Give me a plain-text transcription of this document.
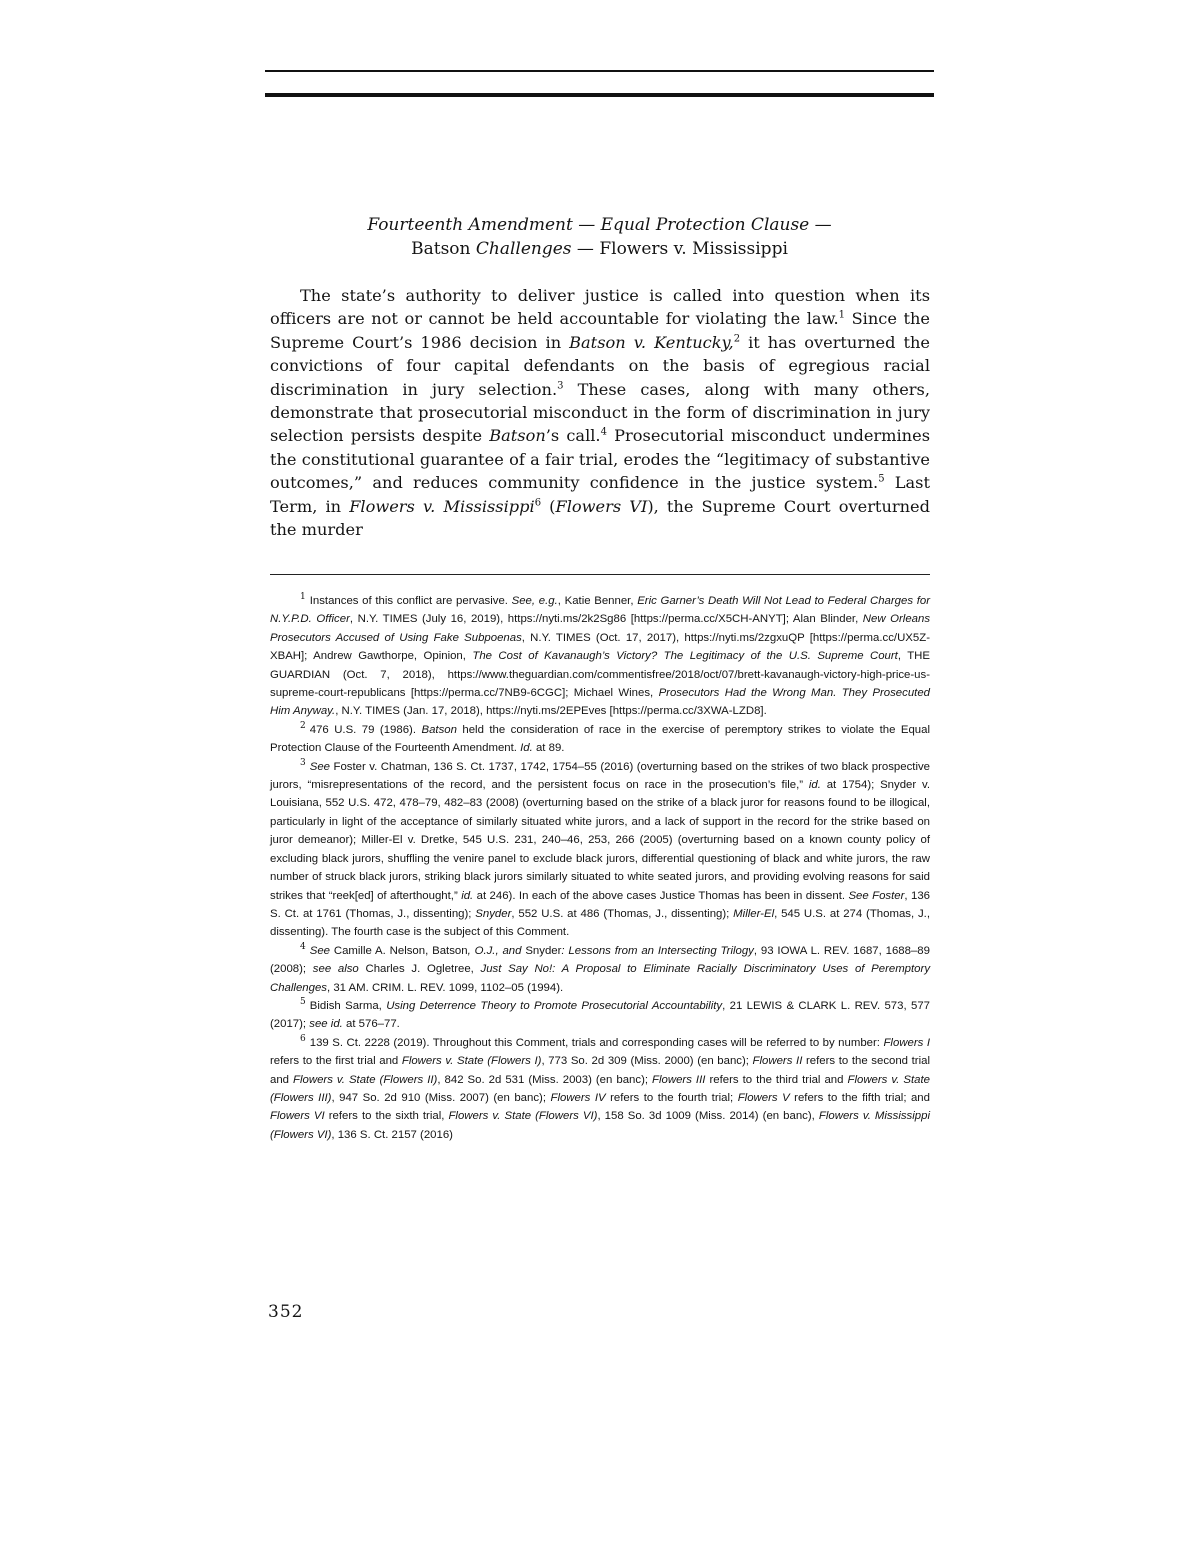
Fourteenth Amendment — Equal Protection Clause —
Batson Challenges — Flowers v. Mississippi

The state’s authority to deliver justice is called into question when its officers are not or cannot be held accountable for violating the law.$^1$ Since the Supreme Court’s 1986 decision in Batson v. Kentucky,$^2$ it has overturned the convictions of four capital defendants on the basis of egregious racial discrimination in jury selection.$^3$ These cases, along with many others, demonstrate that prosecutorial misconduct in the form of discrimination in jury selection persists despite Batson’s call.$^4$ Prosecutorial misconduct undermines the constitutional guarantee of a fair trial, erodes the “legitimacy of substantive outcomes,” and reduces community confidence in the justice system.$^5$ Last Term, in Flowers v. Mississippi$^6$ (Flowers VI), the Supreme Court overturned the murder

$^1$ Instances of this conflict are pervasive. See, e.g., Katie Benner, Eric Garner’s Death Will Not Lead to Federal Charges for N.Y.P.D. Officer, N.Y. TIMES (July 16, 2019), https://nyti.ms/2k2Sg86 [https://perma.cc/X5CH-ANYT]; Alan Blinder, New Orleans Prosecutors Accused of Using Fake Subpoenas, N.Y. TIMES (Oct. 17, 2017), https://nyti.ms/2zgxuQP [https://perma.cc/UX5Z-XBAH]; Andrew Gawthorpe, Opinion, The Cost of Kavanaugh’s Victory? The Legitimacy of the U.S. Supreme Court, THE GUARDIAN (Oct. 7, 2018), https://www.theguardian.com/commentisfree/2018/oct/07/brett-kavanaugh-victory-high-price-us-supreme-court-republicans [https://perma.cc/7NB9-6CGC]; Michael Wines, Prosecutors Had the Wrong Man. They Prosecuted Him Anyway., N.Y. TIMES (Jan. 17, 2018), https://nyti.ms/2EPEves [https://perma.cc/3XWA-LZD8].

$^2$ 476 U.S. 79 (1986). Batson held the consideration of race in the exercise of peremptory strikes to violate the Equal Protection Clause of the Fourteenth Amendment. Id. at 89.

$^3$ See Foster v. Chatman, 136 S. Ct. 1737, 1742, 1754–55 (2016) (overturning based on the strikes of two black prospective jurors, “misrepresentations of the record, and the persistent focus on race in the prosecution’s file,” id. at 1754); Snyder v. Louisiana, 552 U.S. 472, 478–79, 482–83 (2008) (overturning based on the strike of a black juror for reasons found to be illogical, particularly in light of the acceptance of similarly situated white jurors, and a lack of support in the record for the strike based on juror demeanor); Miller-El v. Dretke, 545 U.S. 231, 240–46, 253, 266 (2005) (overturning based on a known county policy of excluding black jurors, shuffling the venire panel to exclude black jurors, differential questioning of black and white jurors, the raw number of struck black jurors, striking black jurors similarly situated to white seated jurors, and providing evolving reasons for said strikes that “reek[ed] of afterthought,” id. at 246). In each of the above cases Justice Thomas has been in dissent. See Foster, 136 S. Ct. at 1761 (Thomas, J., dissenting); Snyder, 552 U.S. at 486 (Thomas, J., dissenting); Miller-El, 545 U.S. at 274 (Thomas, J., dissenting). The fourth case is the subject of this Comment.

$^4$ See Camille A. Nelson, Batson, O.J., and Snyder: Lessons from an Intersecting Trilogy, 93 IOWA L. REV. 1687, 1688–89 (2008); see also Charles J. Ogletree, Just Say No!: A Proposal to Eliminate Racially Discriminatory Uses of Peremptory Challenges, 31 AM. CRIM. L. REV. 1099, 1102–05 (1994).

$^5$ Bidish Sarma, Using Deterrence Theory to Promote Prosecutorial Accountability, 21 LEWIS & CLARK L. REV. 573, 577 (2017); see id. at 576–77.

$^6$ 139 S. Ct. 2228 (2019). Throughout this Comment, trials and corresponding cases will be referred to by number: Flowers I refers to the first trial and Flowers v. State (Flowers I), 773 So. 2d 309 (Miss. 2000) (en banc); Flowers II refers to the second trial and Flowers v. State (Flowers II), 842 So. 2d 531 (Miss. 2003) (en banc); Flowers III refers to the third trial and Flowers v. State (Flowers III), 947 So. 2d 910 (Miss. 2007) (en banc); Flowers IV refers to the fourth trial; Flowers V refers to the fifth trial; and Flowers VI refers to the sixth trial, Flowers v. State (Flowers VI), 158 So. 3d 1009 (Miss. 2014) (en banc), Flowers v. Mississippi (Flowers VI), 136 S. Ct. 2157 (2016)

352
